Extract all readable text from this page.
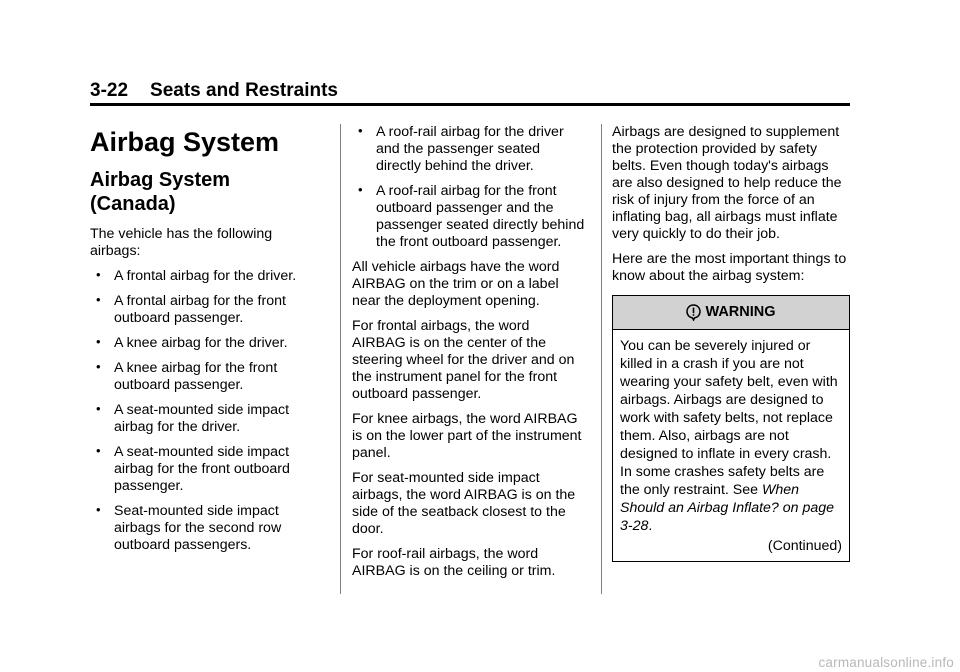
3-22 Seats and Restraints
Airbag System
Airbag System (Canada)

The vehicle has the following airbags:

• A frontal airbag for the driver.
• A frontal airbag for the front outboard passenger.
• A knee airbag for the driver.
• A knee airbag for the front outboard passenger.
• A seat-mounted side impact airbag for the driver.
• A seat-mounted side impact airbag for the front outboard passenger.
• Seat-mounted side impact airbags for the second row outboard passengers.
• A roof-rail airbag for the driver and the passenger seated directly behind the driver.
• A roof-rail airbag for the front outboard passenger and the passenger seated directly behind the front outboard passenger.

All vehicle airbags have the word AIRBAG on the trim or on a label near the deployment opening.

For frontal airbags, the word AIRBAG is on the center of the steering wheel for the driver and on the instrument panel for the front outboard passenger.

For knee airbags, the word AIRBAG is on the lower part of the instrument panel.

For seat-mounted side impact airbags, the word AIRBAG is on the side of the seatback closest to the door.

For roof-rail airbags, the word AIRBAG is on the ceiling or trim.

Airbags are designed to supplement the protection provided by safety belts. Even though today's airbags are also designed to help reduce the risk of injury from the force of an inflating bag, all airbags must inflate very quickly to do their job.

Here are the most important things to know about the airbag system:

WARNING
You can be severely injured or killed in a crash if you are not wearing your safety belt, even with airbags. Airbags are designed to work with safety belts, not replace them. Also, airbags are not designed to inflate in every crash. In some crashes safety belts are the only restraint. See When Should an Airbag Inflate? on page 3-28.
(Continued)
carmanualsonline.info
